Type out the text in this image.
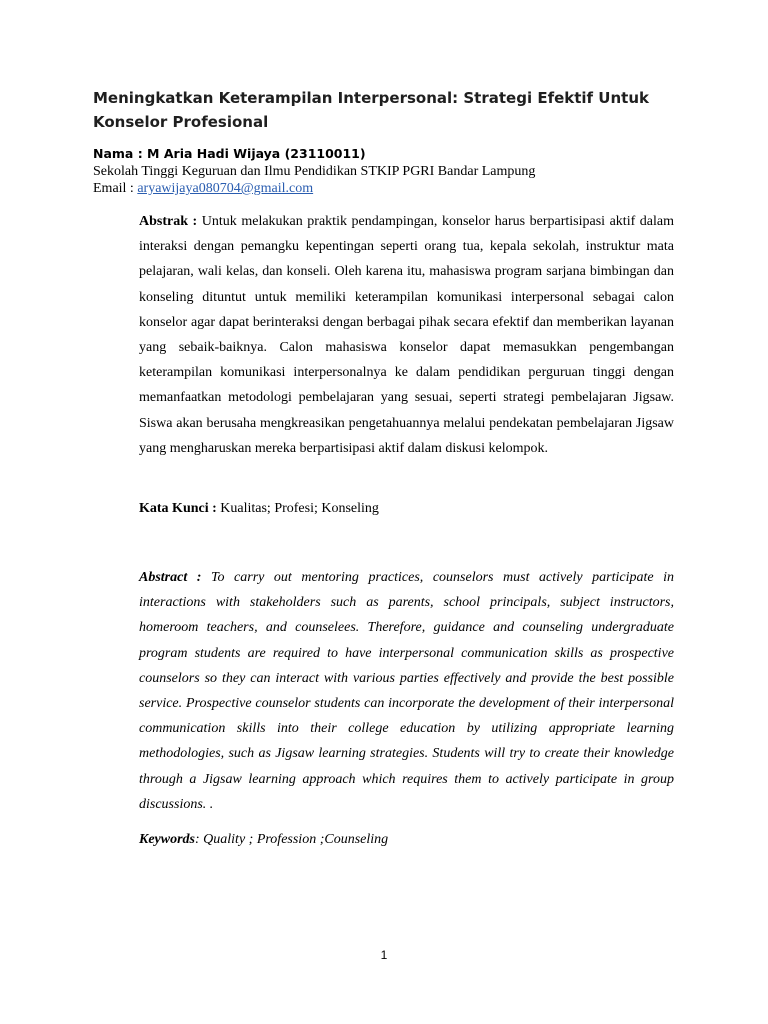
Meningkatkan Keterampilan Interpersonal: Strategi Efektif Untuk Konselor Profesional

Nama : M Aria Hadi Wijaya (23110011)

Sekolah Tinggi Keguruan dan Ilmu Pendidikan STKIP PGRI Bandar Lampung

Email : aryawijaya080704@gmail.com

Abstrak : Untuk melakukan praktik pendampingan, konselor harus berpartisipasi aktif dalam interaksi dengan pemangku kepentingan seperti orang tua, kepala sekolah, instruktur mata pelajaran, wali kelas, dan konseli. Oleh karena itu, mahasiswa program sarjana bimbingan dan konseling dituntut untuk memiliki keterampilan komunikasi interpersonal sebagai calon konselor agar dapat berinteraksi dengan berbagai pihak secara efektif dan memberikan layanan yang sebaik-baiknya. Calon mahasiswa konselor dapat memasukkan pengembangan keterampilan komunikasi interpersonalnya ke dalam pendidikan perguruan tinggi dengan memanfaatkan metodologi pembelajaran yang sesuai, seperti strategi pembelajaran Jigsaw. Siswa akan berusaha mengkreasikan pengetahuannya melalui pendekatan pembelajaran Jigsaw yang mengharuskan mereka berpartisipasi aktif dalam diskusi kelompok.

Kata Kunci : Kualitas; Profesi; Konseling

Abstract : To carry out mentoring practices, counselors must actively participate in interactions with stakeholders such as parents, school principals, subject instructors, homeroom teachers, and counselees. Therefore, guidance and counseling undergraduate program students are required to have interpersonal communication skills as prospective counselors so they can interact with various parties effectively and provide the best possible service. Prospective counselor students can incorporate the development of their interpersonal communication skills into their college education by utilizing appropriate learning methodologies, such as Jigsaw learning strategies. Students will try to create their knowledge through a Jigsaw learning approach which requires them to actively participate in group discussions. .

Keywords: Quality ; Profession ;Counseling

1
